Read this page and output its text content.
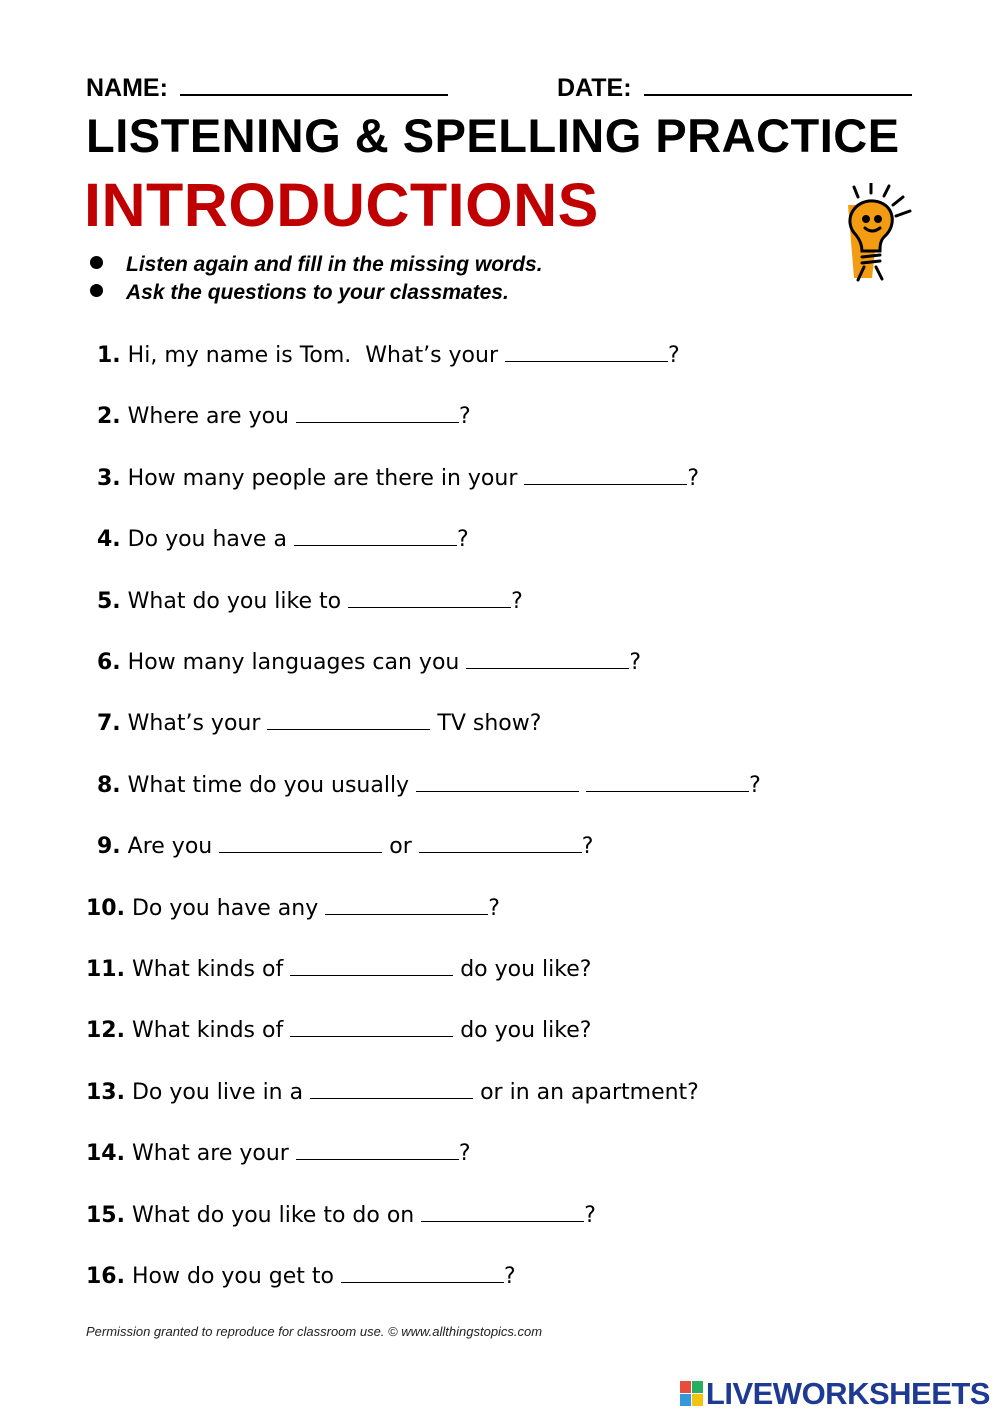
NAME:	DATE:
LISTENING & SPELLING PRACTICE
INTRODUCTIONS
Listen again and fill in the missing words.
Ask the questions to your classmates.
1. Hi, my name is Tom.  What’s your	?
2. Where are you	?
3. How many people are there in your	?
4. Do you have a	?
5. What do you like to	?
6. How many languages can you	?
7. What’s your	TV show?
8. What time do you usually	?
9. Are you	or	?
10. Do you have any	?
11. What kinds of	do you like?
12. What kinds of	do you like?
13. Do you live in a	or in an apartment?
14. What are your	?
15. What do you like to do on	?
16. How do you get to	?
Permission granted to reproduce for classroom use. © www.allthingstopics.com
LIVEWORKSHEETS
